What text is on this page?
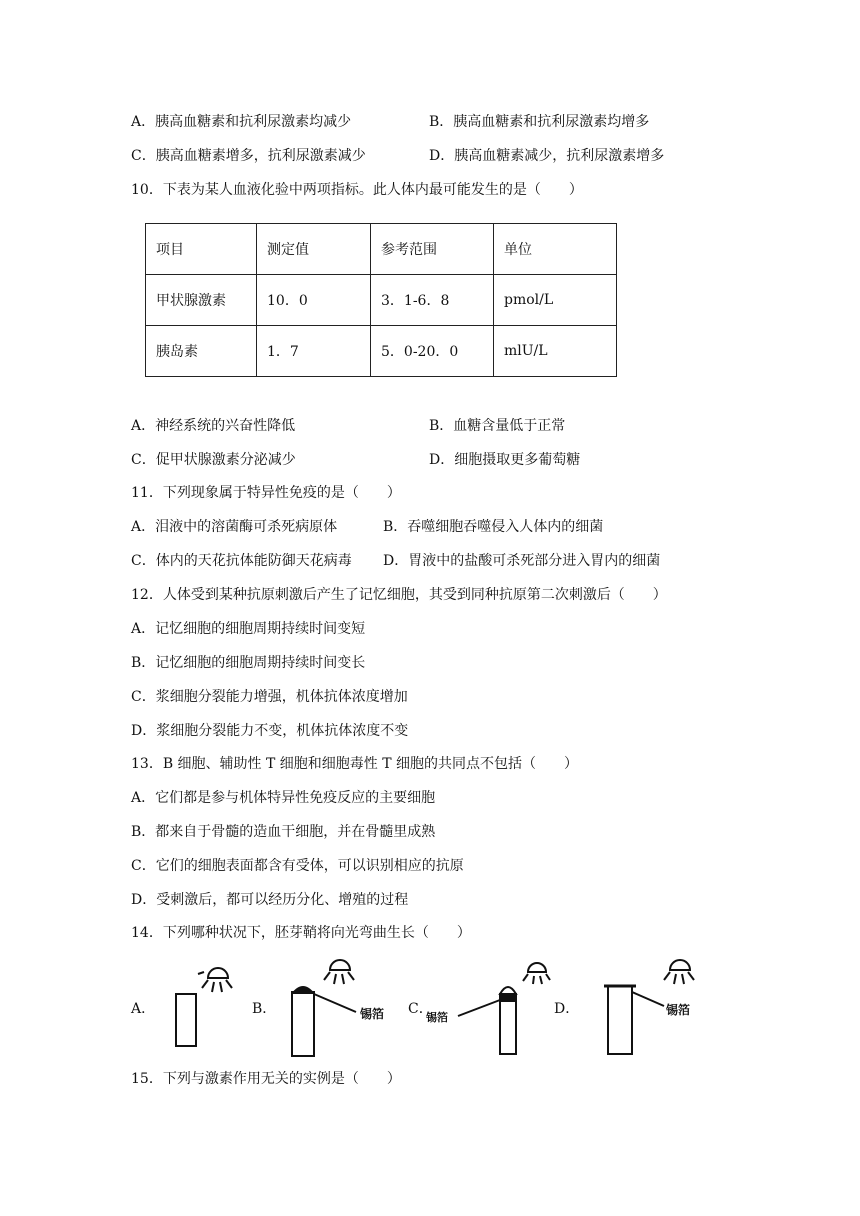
A．胰高血糖素和抗利尿激素均减少	B．胰高血糖素和抗利尿激素均增多
C．胰高血糖素增多，抗利尿激素减少	D．胰高血糖素减少，抗利尿激素增多
10．下表为某人血液化验中两项指标。此人体内最可能发生的是（　　）
项目	测定值	参考范围	单位
甲状腺激素	10．0	3．1-6．8	pmol/L
胰岛素	1．7	5．0-20．0	mlU/L
A．神经系统的兴奋性降低	B．血糖含量低于正常
C．促甲状腺激素分泌减少	D．细胞摄取更多葡萄糖
11．下列现象属于特异性免疫的是（　　）
A．泪液中的溶菌酶可杀死病原体	B．吞噬细胞吞噬侵入人体内的细菌
C．体内的天花抗体能防御天花病毒 D．胃液中的盐酸可杀死部分进入胃内的细菌
12．人体受到某种抗原刺激后产生了记忆细胞，其受到同种抗原第二次刺激后（　　）
A．记忆细胞的细胞周期持续时间变短
B．记忆细胞的细胞周期持续时间变长
C．浆细胞分裂能力增强，机体抗体浓度增加
D．浆细胞分裂能力不变，机体抗体浓度不变
13．B 细胞、辅助性 T 细胞和细胞毒性 T 细胞的共同点不包括（　　）
A．它们都是参与机体特异性免疫反应的主要细胞
B．都来自于骨髓的造血干细胞，并在骨髓里成熟
C．它们的细胞表面都含有受体，可以识别相应的抗原
D．受刺激后，都可以经历分化、增殖的过程
14．下列哪种状况下，胚芽鞘将向光弯曲生长（　　）
A．	B．	锡箔 C．
锡箔
D．	锡箔
15．下列与激素作用无关的实例是（　　）
